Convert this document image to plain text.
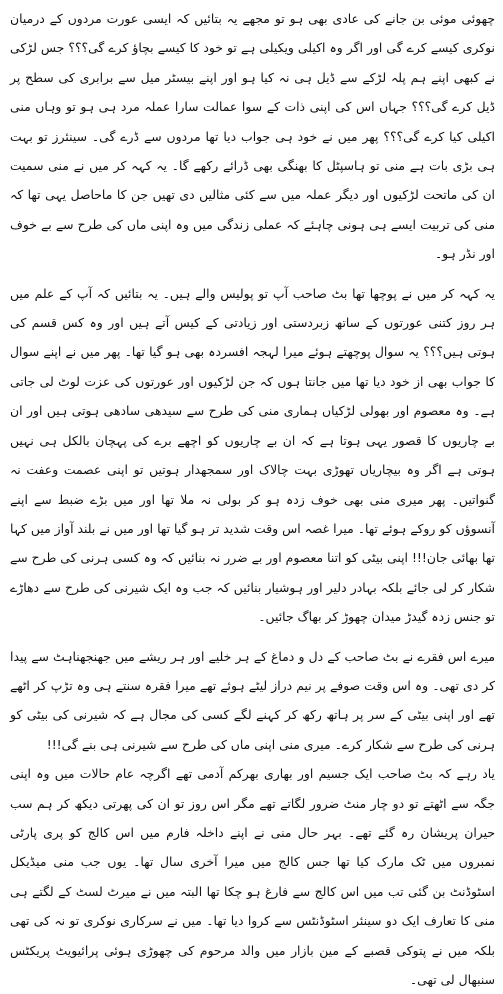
چھوئی موئی بن جانے کی عادی بھی ہو تو مجھے یہ بتائیں کہ ایسی عورت مردوں کے درمیان نوکری کیسے کرے گی اور اگر وہ اکیلی ویکیلی ہے تو خود کا کیسے بچاؤ کرے گی؟؟؟ جس لڑکی نے کبھی اپنے ہم پلہ لڑکے سے ڈیل ہی نہ کیا ہو اور اپنے بیسٹر میل سے برابری کی سطح پر ڈیل کرے گی؟؟؟ جہاں اس کی اپنی ذات کے سوا عمالت سارا عملہ مرد ہی ہو تو وہاں منی اکیلی کیا کرے گی؟؟؟ پھر میں نے خود ہی جواب دیا تھا مردوں سے ڈرے گی۔ سینئرز تو بہت ہی بڑی بات ہے منی تو ہاسپٹل کا بھنگی بھی ڈرائے رکھے گا۔ یہ کہہ کر میں نے منی سمیت ان کی ماتحت لڑکیوں اور دیگر عملہ میں سے کئی مثالیں دی تھیں جن کا ماحاصل یہی تھا کہ منی کی تربیت ایسے ہی ہونی چاہئے کہ عملی زندگی میں وہ اپنی ماں کی طرح سے بے خوف اور نڈر ہو۔

یہ کہہ کر میں نے پوچھا تھا بٹ صاحب آپ تو پولیس والے ہیں۔ یہ بتائیں کہ آپ کے علم میں ہر روز کتنی عورتوں کے ساتھ زبردستی اور زیادتی کے کیس آتے ہیں اور وہ کس قسم کی ہوتی ہیں؟؟؟ یہ سوال پوچھتے ہوئے میرا لہجہ افسردہ بھی ہو گیا تھا۔ پھر میں نے اپنے سوال کا جواب بھی از خود دیا تھا میں جانتا ہوں کہ جن لڑکیوں اور عورتوں کی عزت لوٹ لی جاتی ہے۔ وہ معصوم اور بھولی لڑکیاں ہماری منی کی طرح سے سیدھی سادھی ہوتی ہیں اور ان بے چاریوں کا قصور یہی ہوتا ہے کہ ان بے چاریوں کو اچھے برے کی پہچان بالکل ہی نہیں ہوتی ہے اگر وہ بیچاریاں تھوڑی بہت چالاک اور سمجھدار ہوتیں تو اپنی عصمت وعفت نہ گنواتیں۔ پھر میری منی بھی خوف زدہ ہو کر بولی نہ ملا تھا اور میں بڑے ضبط سے اپنے آنسوؤں کو روکے ہوئے تھا۔ میرا غصہ اس وقت شدید تر ہو گیا تھا اور میں نے بلند آواز میں کہا تھا بھائی جان!!! اپنی بیٹی کو اتنا معصوم اور بے ضرر نہ بنائیں کہ وہ کسی ہرنی کی طرح سے شکار کر لی جائے بلکہ بہادر دلیر اور ہوشیار بنائیں کہ جب وہ ایک شیرنی کی طرح سے دھاڑے تو جنس زدہ گیدڑ میدان چھوڑ کر بھاگ جائیں۔

میرے اس فقرے نے بٹ صاحب کے دل و دماغ کے ہر خلیے اور ہر ریشے میں جھنجھناہٹ سے پیدا کر دی تھی۔ وہ اس وقت صوفے پر نیم دراز لیٹے ہوئے تھے میرا فقرہ سنتے ہی وہ تڑپ کر اٹھے تھے اور اپنی بیٹی کے سر پر ہاتھ رکھ کر کہنے لگے کسی کی مجال ہے کہ شیرنی کی بیٹی کو ہرنی کی طرح سے شکار کرے۔ میری منی اپنی ماں کی طرح سے شیرنی ہی بنے گی!!!

یاد رہے کہ بٹ صاحب ایک جسیم اور بھاری بھرکم آدمی تھے اگرچہ عام حالات میں وہ اپنی جگہ سے اٹھتے تو دو چار منٹ ضرور لگاتے تھے مگر اس روز تو ان کی پھرتی دیکھ کر ہم سب حیران پریشان رہ گئے تھے۔ بہر حال منی نے اپنے داخلہ فارم میں اس کالج کو پری پارٹی نمبروں میں ٹک مارک کیا تھا جس کالج میں میرا آخری سال تھا۔ یوں جب منی میڈیکل اسٹوڈنٹ بن گئی تب میں اس کالج سے فارغ ہو چکا تھا البتہ میں نے میرٹ لسٹ کے لگتے ہی منی کا تعارف ایک دو سینئر اسٹوڈنٹس سے کروا دیا تھا۔ میں نے سرکاری نوکری تو نہ کی تھی بلکہ میں نے پتوکی قصبے کے مین بازار میں والد مرحوم کی چھوڑی ہوئی پرائیویٹ پریکٹس سنبھال لی تھی۔
